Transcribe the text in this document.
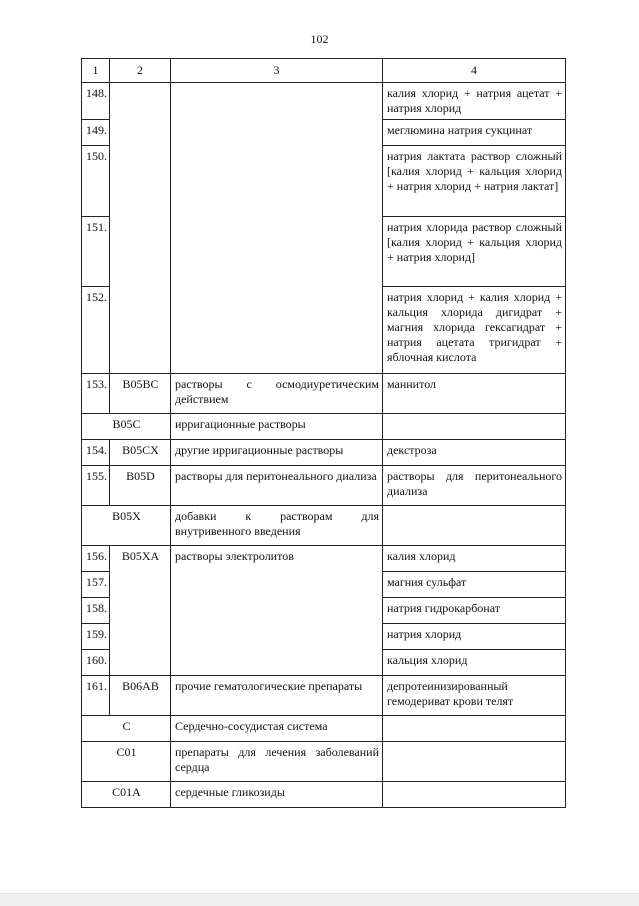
102
1	2	3	4
148.			калия хлорид + натрия ацетат + натрия хлорид
149.			меглюмина натрия сукцинат
150.			натрия лактата раствор сложный [калия хлорид + кальция хлорид + натрия хлорид + натрия лактат]
151.			натрия хлорида раствор сложный [калия хлорид + кальция хлорид + натрия хлорид]
152.			натрия хлорид + калия хлорид + кальция хлорида дигидрат + магния хлорида гексагидрат + натрия ацетата тригидрат + яблочная кислота
153.	B05BC	растворы с осмодиуретическим действием	маннитол
B05C		ирригационные растворы	
154.	B05CX	другие ирригационные растворы	декстроза
155.	B05D	растворы для перитонеального диализа	растворы для перитонеального диализа
B05X		добавки к растворам для внутривенного введения	
156.	B05XA	растворы электролитов	калия хлорид
157.			магния сульфат
158.			натрия гидрокарбонат
159.			натрия хлорид
160.			кальция хлорид
161.	B06AB	прочие гематологические препараты	депротеинизированный гемодериват крови телят
C		Сердечно-сосудистая система	
C01		препараты для лечения заболеваний сердца	
C01A		сердечные гликозиды	
